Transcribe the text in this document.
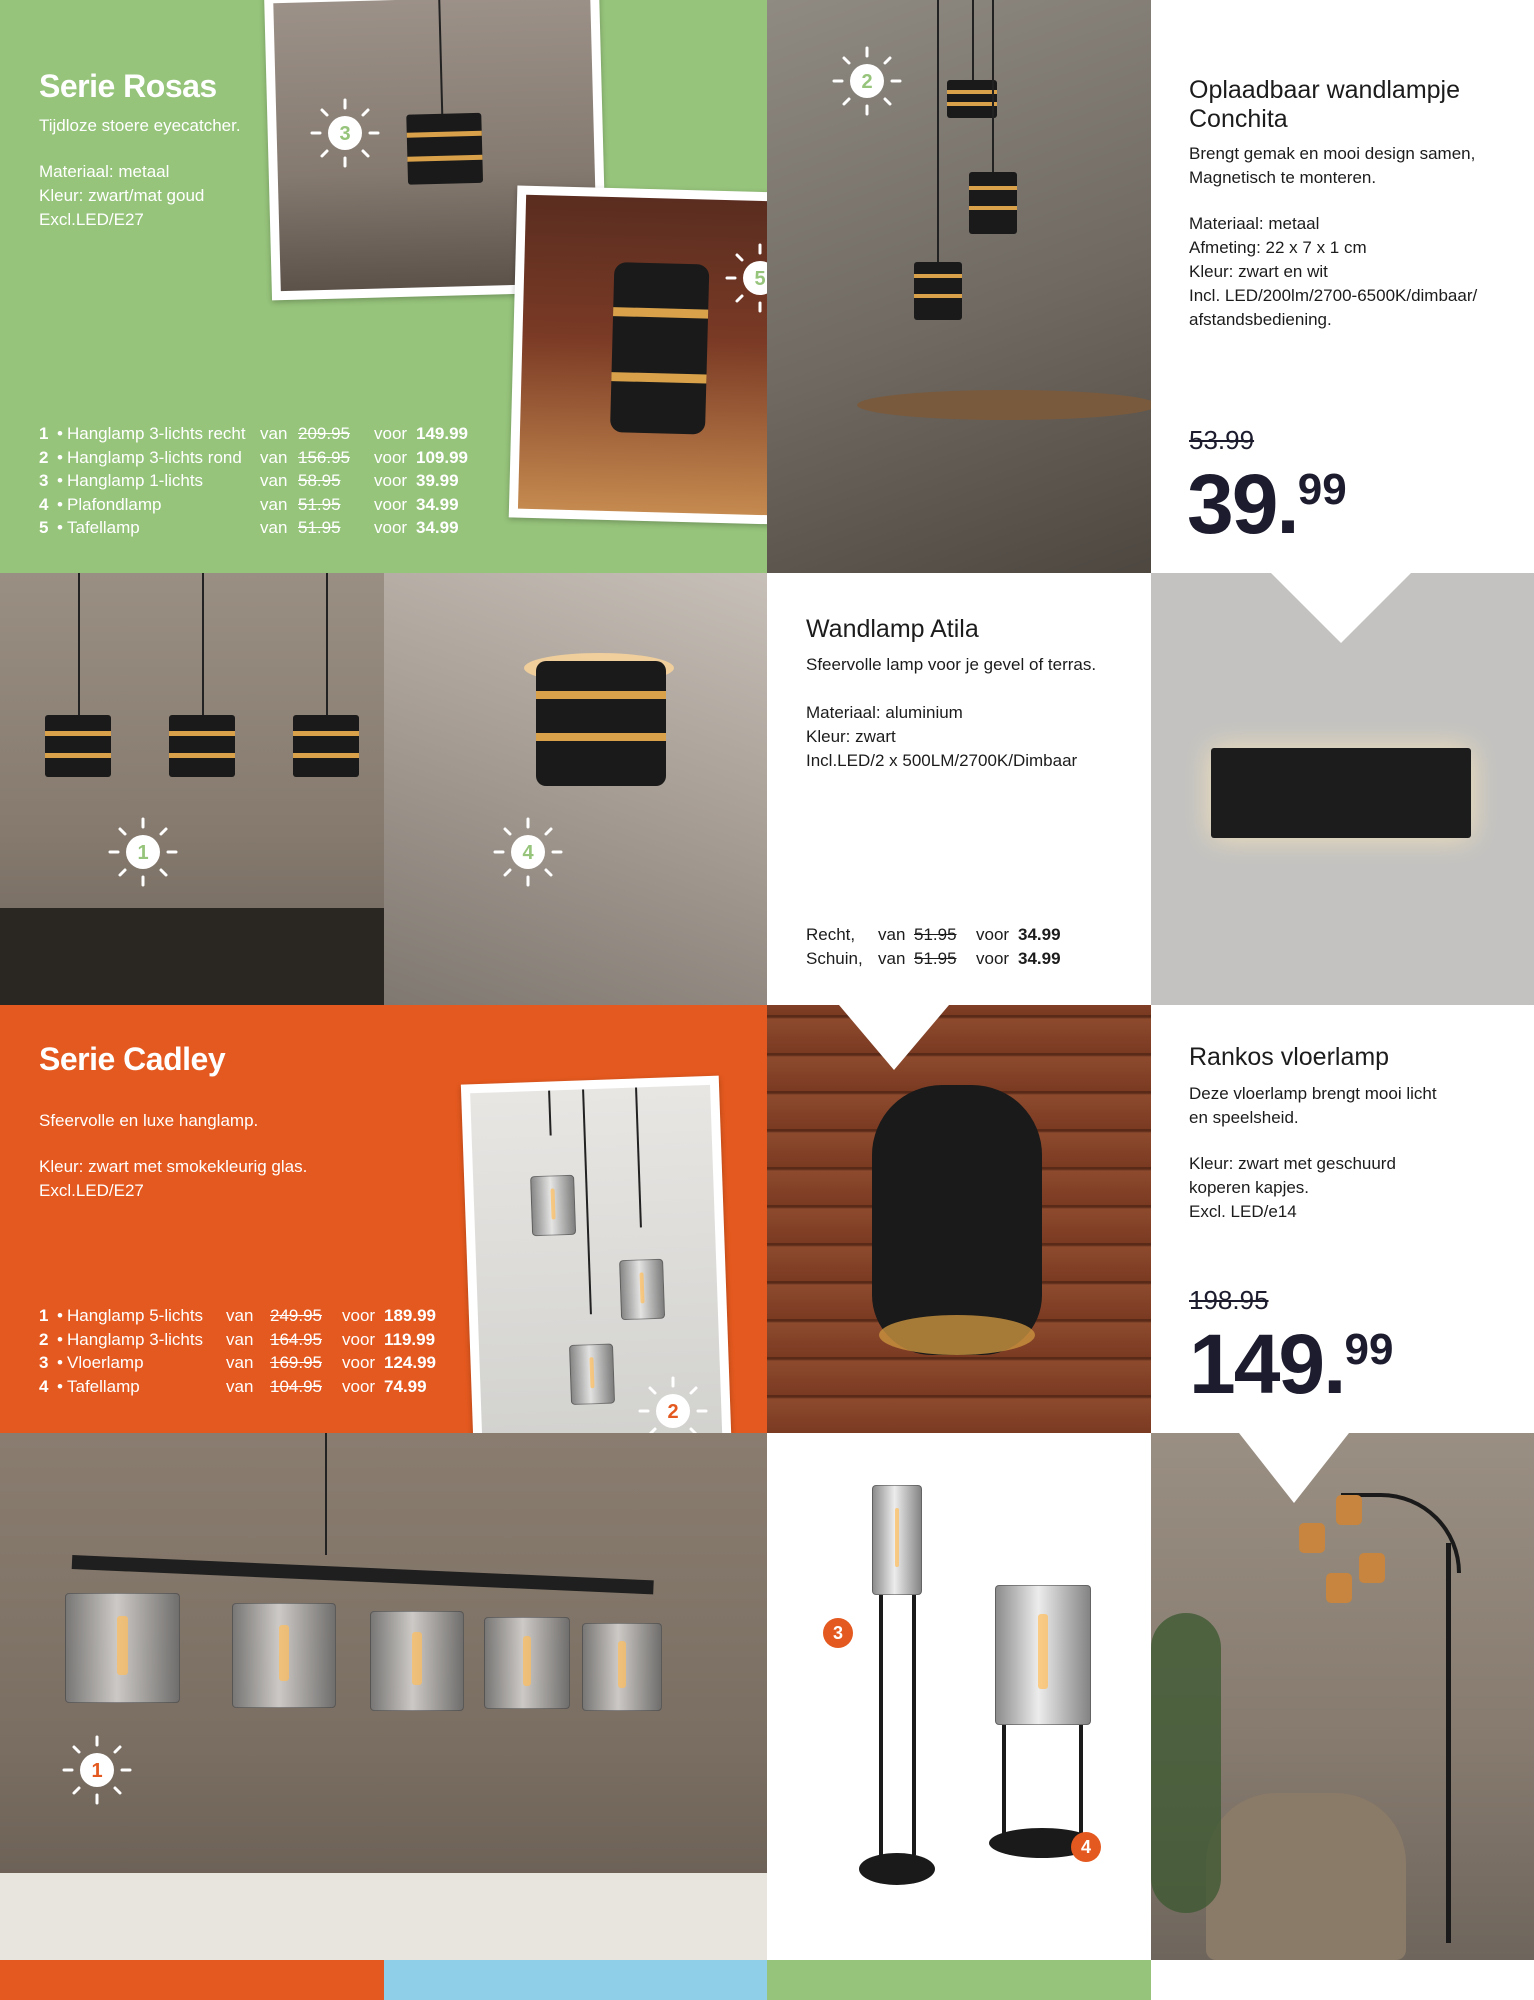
Serie Rosas
Tijdloze stoere eyecatcher.
Materiaal: metaal
Kleur: zwart/mat goud
Excl.LED/E27
1 • Hanglamp 3-lichts recht van 209.95	voor 149.99
2 • Hanglamp 3-lichts rond	van 156.95	voor 109.99
3 • Hanglamp 1-lichts	van 58.95	voor 39.99
4 • Plafondlamp	van 51.95	voor 34.99
5 • Tafellamp	van 51.95	voor 34.99
3
5
2	Oplaadbaar wandlampje Conchita
Brengt gemak en mooi design samen,
Magnetisch te monteren.
Materiaal: metaal
Afmeting: 22 x 7 x 1 cm
Kleur: zwart en wit
Incl. LED/200lm/2700-6500K/dimbaar/
afstandsbediening.
53.99
39.99
1	4
Wandlamp Atila
Sfeervolle lamp voor je gevel of terras.
Materiaal: aluminium
Kleur: zwart
Incl.LED/2 x 500LM/2700K/Dimbaar
Recht,	van 51.95	voor 34.99
Schuin, van 51.95	voor 34.99
Serie Cadley
Sfeervolle en luxe hanglamp.
Kleur: zwart met smokekleurig glas.
Excl.LED/E27
1 • Hanglamp 5-lichts	van 249.95	voor 189.99
2 • Hanglamp 3-lichts	van 164.95	voor 119.99
3 • Vloerlamp	van 169.95	voor 124.99
4 • Tafellamp	van 104.95	voor 74.99
Rankos vloerlamp
Deze vloerlamp brengt mooi licht
en speelsheid.
Kleur: zwart met geschuurd
koperen kapjes.
Excl. LED/e14
198.95
149.99
2
1
3
4
